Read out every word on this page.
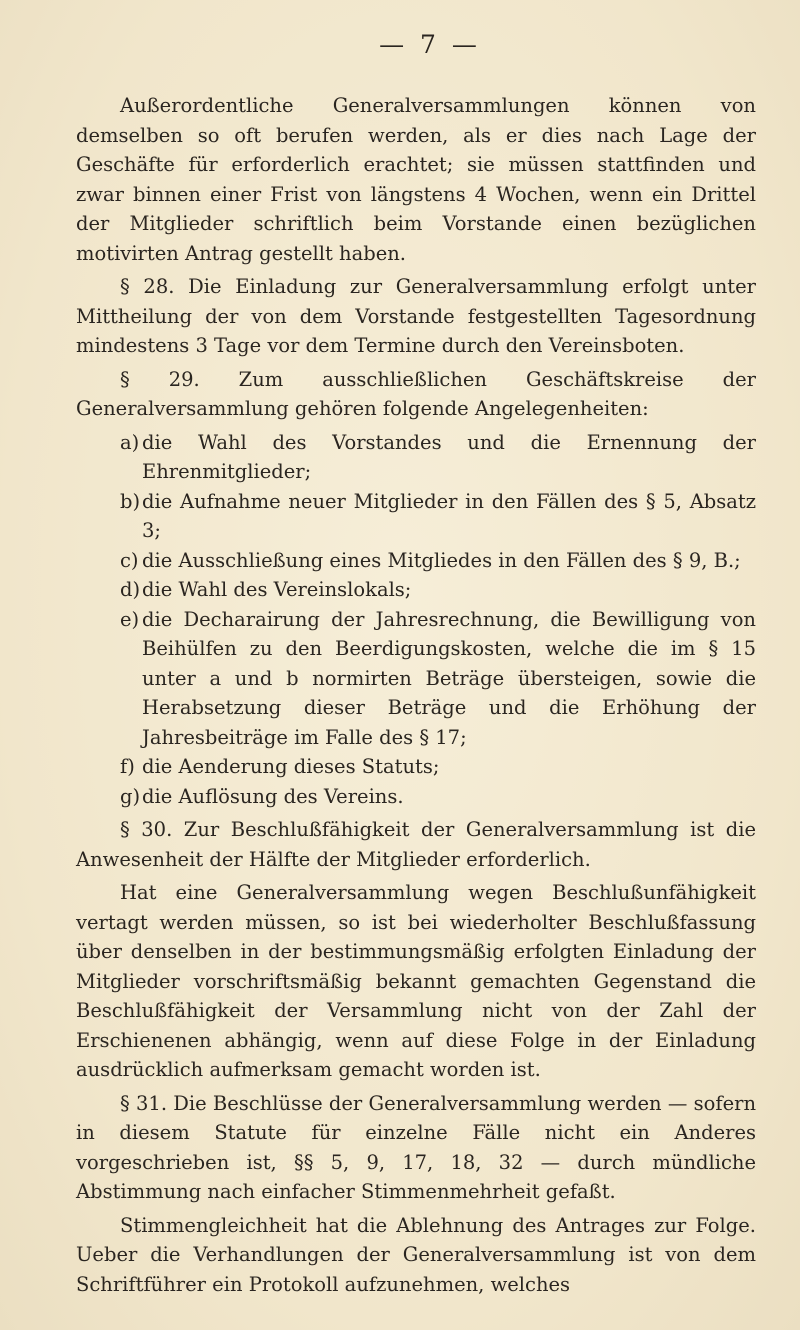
— 7 —

Außerordentliche Generalversammlungen können von demselben so oft berufen werden, als er dies nach Lage der Geschäfte für erforderlich erachtet; sie müssen stattfinden und zwar binnen einer Frist von längstens 4 Wochen, wenn ein Drittel der Mitglieder schriftlich beim Vorstande einen bezüglichen motivirten Antrag gestellt haben.

§ 28. Die Einladung zur Generalversammlung erfolgt unter Mittheilung der von dem Vorstande festgestellten Tagesordnung mindestens 3 Tage vor dem Termine durch den Vereinsboten.

§ 29. Zum ausschließlichen Geschäftskreise der Generalversammlung gehören folgende Angelegenheiten:

a) die Wahl des Vorstandes und die Ernennung der Ehrenmitglieder;
b) die Aufnahme neuer Mitglieder in den Fällen des § 5, Absatz 3;
c) die Ausschließung eines Mitgliedes in den Fällen des § 9, B.;
d) die Wahl des Vereinslokals;
e) die Decharairung der Jahresrechnung, die Bewilligung von Beihülfen zu den Beerdigungskosten, welche die im § 15 unter a und b normirten Beträge übersteigen, sowie die Herabsetzung dieser Beträge und die Erhöhung der Jahresbeiträge im Falle des § 17;
f) die Aenderung dieses Statuts;
g) die Auflösung des Vereins.

§ 30. Zur Beschlußfähigkeit der Generalversammlung ist die Anwesenheit der Hälfte der Mitglieder erforderlich.

Hat eine Generalversammlung wegen Beschlußunfähigkeit vertagt werden müssen, so ist bei wiederholter Beschlußfassung über denselben in der bestimmungsmäßig erfolgten Einladung der Mitglieder vorschriftsmäßig bekannt gemachten Gegenstand die Beschlußfähigkeit der Versammlung nicht von der Zahl der Erschienenen abhängig, wenn auf diese Folge in der Einladung ausdrücklich aufmerksam gemacht worden ist.

§ 31. Die Beschlüsse der Generalversammlung werden — sofern in diesem Statute für einzelne Fälle nicht ein Anderes vorgeschrieben ist, §§ 5, 9, 17, 18, 32 — durch mündliche Abstimmung nach einfacher Stimmenmehrheit gefaßt.

Stimmengleichheit hat die Ablehnung des Antrages zur Folge. Ueber die Verhandlungen der Generalversammlung ist von dem Schriftführer ein Protokoll aufzunehmen, welches
